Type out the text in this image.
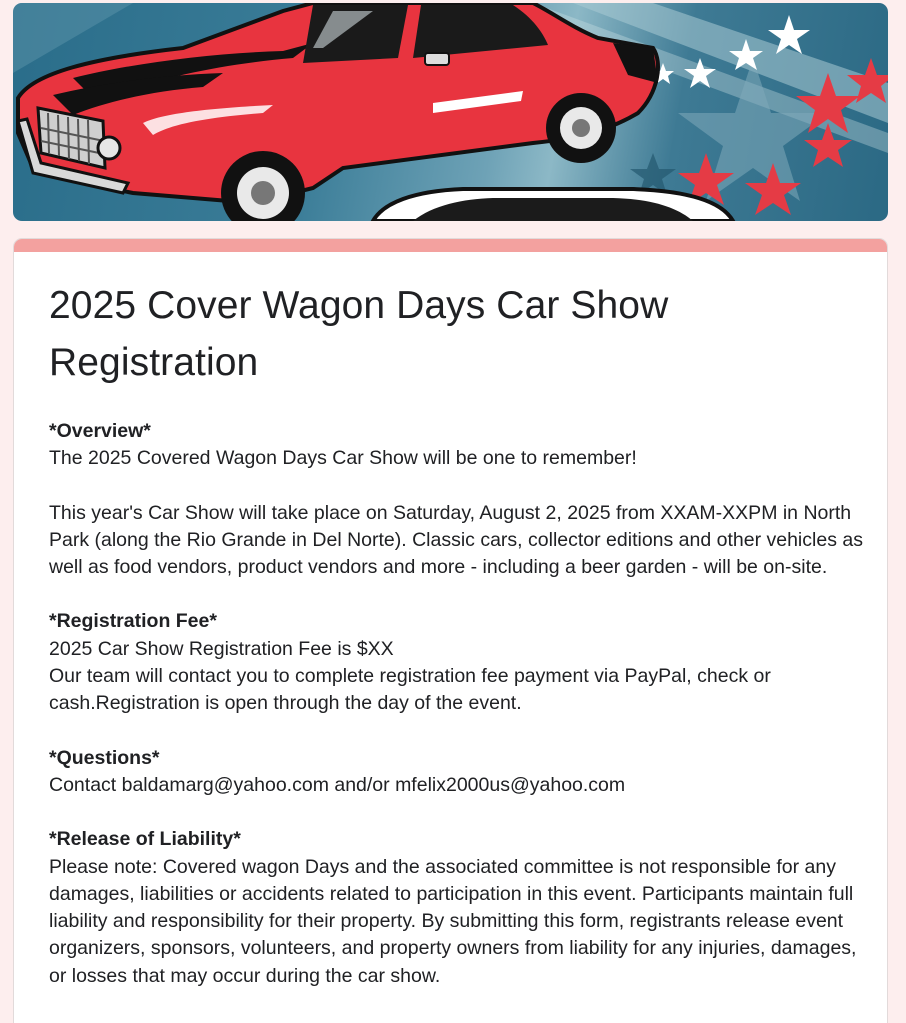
2025 Cover Wagon Days Car Show Registration
*Overview*

The 2025 Covered Wagon Days Car Show will be one to remember!

This year's Car Show will take place on Saturday, August 2, 2025 from XXAM-XXPM in North Park (along the Rio Grande in Del Norte). Classic cars, collector editions and other vehicles as well as food vendors, product vendors and more - including a beer garden - will be on-site.

*Registration Fee*

2025 Car Show Registration Fee is $XX

Our team will contact you to complete registration fee payment via PayPal, check or cash.Registration is open through the day of the event.

*Questions*

Contact baldamarg@yahoo.com and/or mfelix2000us@yahoo.com

*Release of Liability*

Please note: Covered wagon Days and the associated committee is not responsible for any damages, liabilities or accidents related to participation in this event. Participants maintain full liability and responsibility for their property. By submitting this form, registrants release event organizers, sponsors, volunteers, and property owners from liability for any injuries, damages, or losses that may occur during the car show.
